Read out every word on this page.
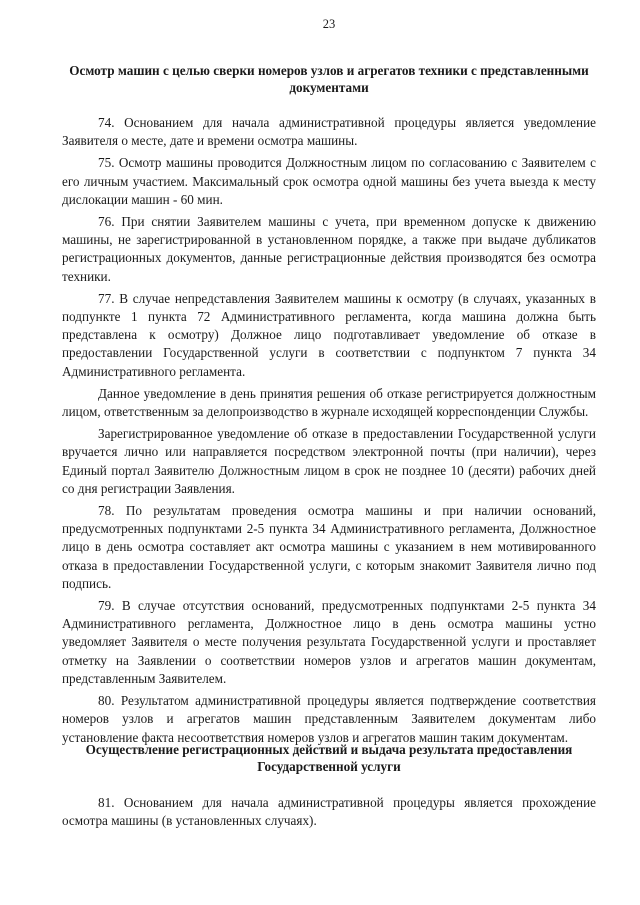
23
Осмотр машин с целью сверки номеров узлов и агрегатов техники с представленными документами

74. Основанием для начала административной процедуры является уведомление Заявителя о месте, дате и времени осмотра машины.

75. Осмотр машины проводится Должностным лицом по согласованию с Заявителем с его личным участием. Максимальный срок осмотра одной машины без учета выезда к месту дислокации машин - 60 мин.

76. При снятии Заявителем машины с учета, при временном допуске к движению машины, не зарегистрированной в установленном порядке, а также при выдаче дубликатов регистрационных документов, данные регистрационные действия производятся без осмотра техники.

77. В случае непредставления Заявителем машины к осмотру (в случаях, указанных в подпункте 1 пункта 72 Административного регламента, когда машина должна быть представлена к осмотру) Должное лицо подготавливает уведомление об отказе в предоставлении Государственной услуги в соответствии с подпунктом 7 пункта 34 Административного регламента.

Данное уведомление в день принятия решения об отказе регистрируется должностным лицом, ответственным за делопроизводство в журнале исходящей корреспонденции Службы.

Зарегистрированное уведомление об отказе в предоставлении Государственной услуги вручается лично или направляется посредством электронной почты (при наличии), через Единый портал Заявителю Должностным лицом в срок не позднее 10 (десяти) рабочих дней со дня регистрации Заявления.

78. По результатам проведения осмотра машины и при наличии оснований, предусмотренных подпунктами 2-5 пункта 34 Административного регламента, Должностное лицо в день осмотра составляет акт осмотра машины с указанием в нем мотивированного отказа в предоставлении Государственной услуги, с которым знакомит Заявителя лично под подпись.

79. В случае отсутствия оснований, предусмотренных подпунктами 2-5 пункта 34 Административного регламента, Должностное лицо в день осмотра машины устно уведомляет Заявителя о месте получения результата Государственной услуги и проставляет отметку на Заявлении о соответствии номеров узлов и агрегатов машин документам, представленным Заявителем.

80. Результатом административной процедуры является подтверждение соответствия номеров узлов и агрегатов машин представленным Заявителем документам либо установление факта несоответствия номеров узлов и агрегатов машин таким документам.

Осуществление регистрационных действий и выдача результата предоставления Государственной услуги

81. Основанием для начала административной процедуры является прохождение осмотра машины (в установленных случаях).
